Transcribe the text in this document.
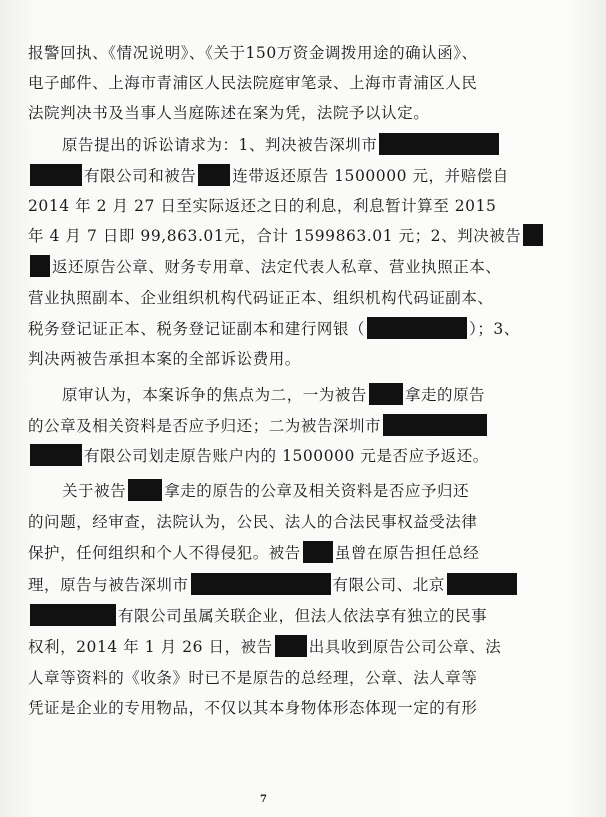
报警回执、《情况说明》、《关于150万资金调拨用途的确认函》、
电子邮件、上海市青浦区人民法院庭审笔录、上海市青浦区人民
法院判决书及当事人当庭陈述在案为凭，法院予以认定。
原告提出的诉讼请求为：1、判决被告深圳市
有限公司和被告 连带返还原告 1500000 元，并赔偿自
2014 年 2 月 27 日至实际返还之日的利息，利息暂计算至 2015
年 4 月 7 日即 99,863.01元，合计 1599863.01 元；2、判决被告
返还原告公章、财务专用章、法定代表人私章、营业执照正本、
营业执照副本、企业组织机构代码证正本、组织机构代码证副本、
税务登记证正本、税务登记证副本和建行网银（	）；3、
判决两被告承担本案的全部诉讼费用。
原审认为，本案诉争的焦点为二，一为被告 拿走的原告
的公章及相关资料是否应予归还；二为被告深圳市
有限公司划走原告账户内的 1500000 元是否应予返还。
关于被告 拿走的原告的公章及相关资料是否应予归还
的问题，经审查，法院认为，公民、法人的合法民事权益受法律
保护，任何组织和个人不得侵犯。被告 虽曾在原告担任总经
理，原告与被告深圳市	有限公司、北京
有限公司虽属关联企业，但法人依法享有独立的民事
权利，2014 年 1 月 26 日，被告 出具收到原告公司公章、法
人章等资料的《收条》时已不是原告的总经理，公章、法人章等
凭证是企业的专用物品，不仅以其本身物体形态体现一定的有形
7
